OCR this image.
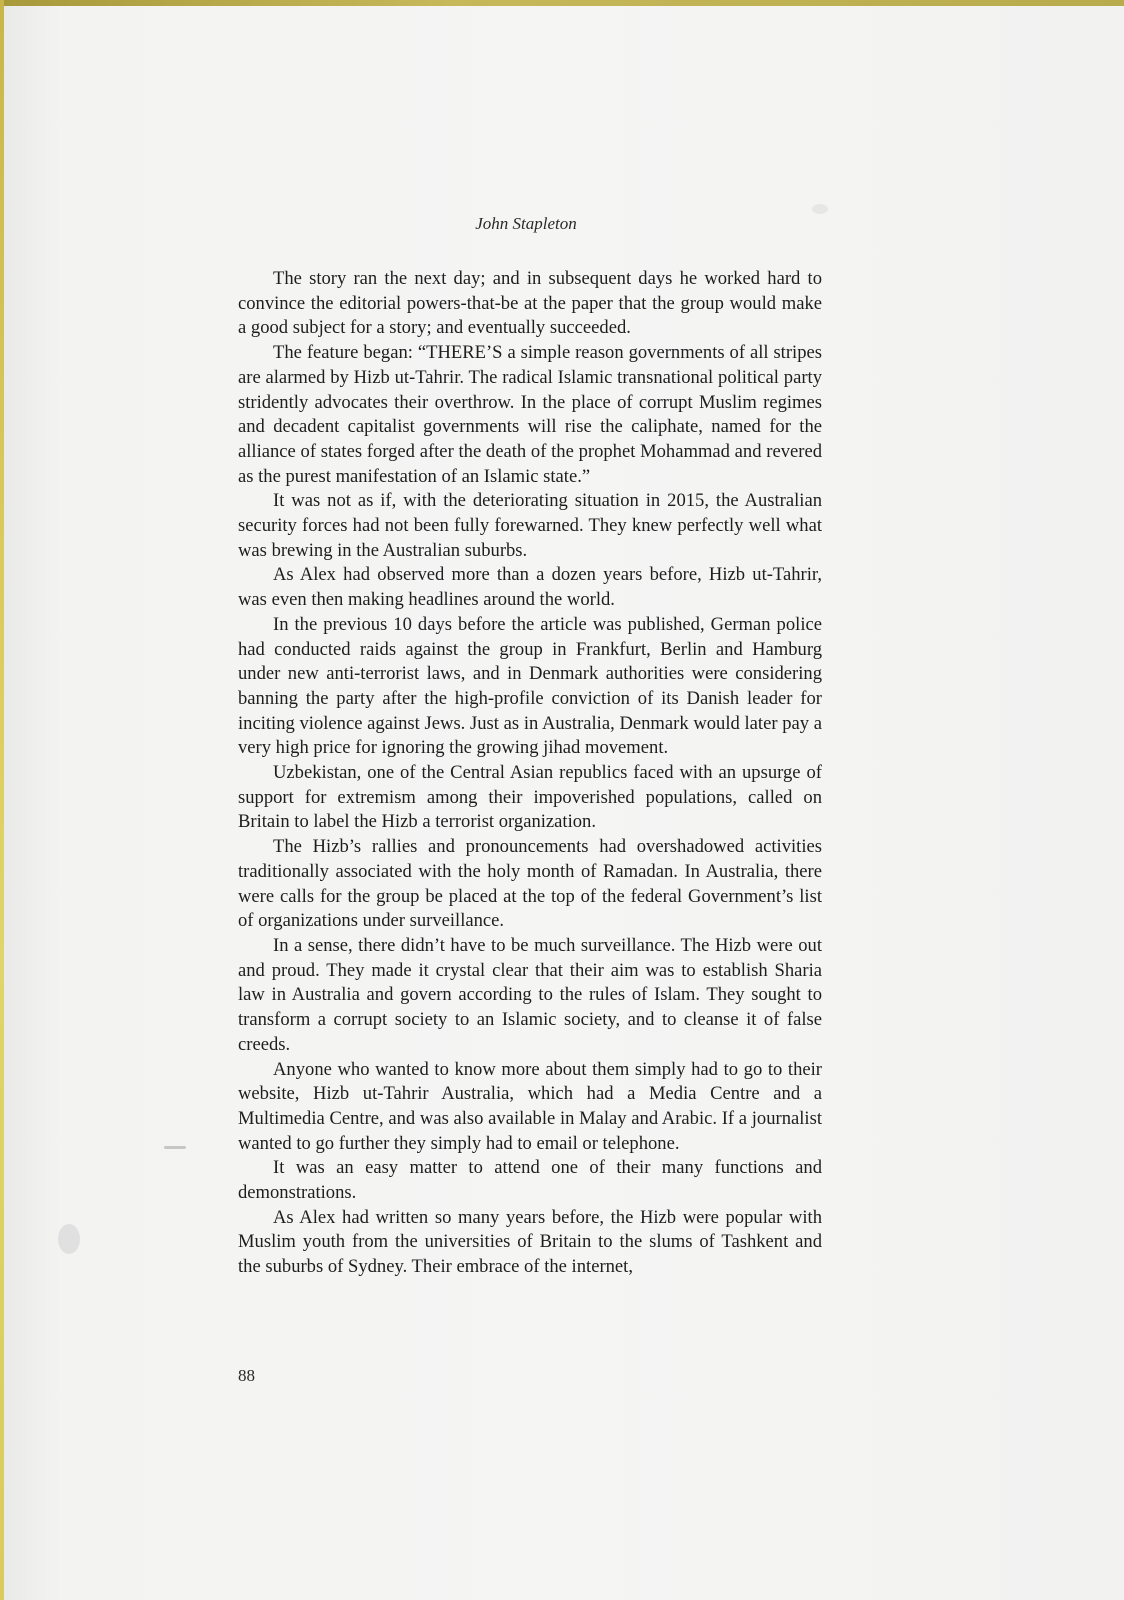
John Stapleton

The story ran the next day; and in subsequent days he worked hard to convince the editorial powers-that-be at the paper that the group would make a good subject for a story; and eventually succeeded.

The feature began: “THERE’S a simple reason governments of all stripes are alarmed by Hizb ut-Tahrir. The radical Islamic transnational political party stridently advocates their overthrow. In the place of corrupt Muslim regimes and decadent capitalist governments will rise the caliphate, named for the alliance of states forged after the death of the prophet Mohammad and revered as the purest manifestation of an Islamic state.”

It was not as if, with the deteriorating situation in 2015, the Australian security forces had not been fully forewarned. They knew perfectly well what was brewing in the Australian suburbs.

As Alex had observed more than a dozen years before, Hizb ut-Tahrir, was even then making headlines around the world.

In the previous 10 days before the article was published, German police had conducted raids against the group in Frankfurt, Berlin and Hamburg under new anti-terrorist laws, and in Denmark authorities were considering banning the party after the high-profile conviction of its Danish leader for inciting violence against Jews. Just as in Australia, Denmark would later pay a very high price for ignoring the growing jihad movement.

Uzbekistan, one of the Central Asian republics faced with an upsurge of support for extremism among their impoverished populations, called on Britain to label the Hizb a terrorist organization.

The Hizb’s rallies and pronouncements had overshadowed activities traditionally associated with the holy month of Ramadan. In Australia, there were calls for the group be placed at the top of the federal Government’s list of organizations under surveillance.

In a sense, there didn’t have to be much surveillance. The Hizb were out and proud. They made it crystal clear that their aim was to establish Sharia law in Australia and govern according to the rules of Islam. They sought to transform a corrupt society to an Islamic society, and to cleanse it of false creeds.

Anyone who wanted to know more about them simply had to go to their website, Hizb ut-Tahrir Australia, which had a Media Centre and a Multimedia Centre, and was also available in Malay and Arabic. If a journalist wanted to go further they simply had to email or telephone.

It was an easy matter to attend one of their many functions and demonstrations.

As Alex had written so many years before, the Hizb were popular with Muslim youth from the universities of Britain to the slums of Tashkent and the suburbs of Sydney. Their embrace of the internet,

88
